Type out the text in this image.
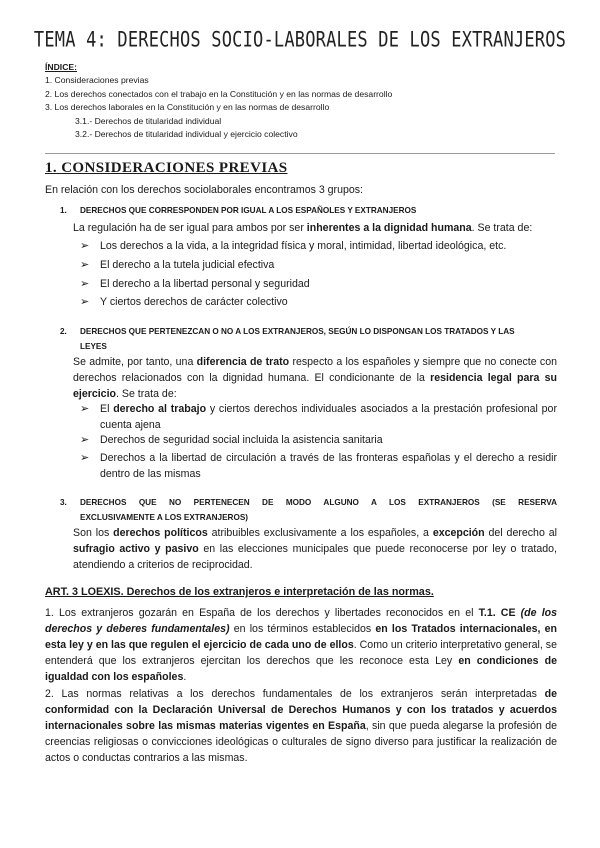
TEMA 4: DERECHOS SOCIO-LABORALES DE LOS EXTRANJEROS
ÍNDICE:
1. Consideraciones previas
2. Los derechos conectados con el trabajo en la Constitución y en las normas de desarrollo
3. Los derechos laborales en la Constitución y en las normas de desarrollo
3.1.- Derechos de titularidad individual
3.2.- Derechos de titularidad individual y ejercicio colectivo
1. CONSIDERACIONES PREVIAS
En relación con los derechos sociolaborales encontramos 3 grupos:
1. DERECHOS QUE CORRESPONDEN POR IGUAL A LOS ESPAÑOLES Y EXTRANJEROS
La regulación ha de ser igual para ambos por ser inherentes a la dignidad humana. Se trata de:
➢ Los derechos a la vida, a la integridad física y moral, intimidad, libertad ideológica, etc.
➢ El derecho a la tutela judicial efectiva
➢ El derecho a la libertad personal y seguridad
➢ Y ciertos derechos de carácter colectivo
2. DERECHOS QUE PERTENEZCAN O NO A LOS EXTRANJEROS, SEGÚN LO DISPONGAN LOS TRATADOS Y LAS
LEYES
Se admite, por tanto, una diferencia de trato respecto a los españoles y siempre que no conecte con derechos relacionados con la dignidad humana. El condicionante de la residencia legal para su ejercicio. Se trata de:
➢ El derecho al trabajo y ciertos derechos individuales asociados a la prestación profesional por cuenta ajena
➢ Derechos de seguridad social incluida la asistencia sanitaria
➢ Derechos a la libertad de circulación a través de las fronteras españolas y el derecho a residir dentro de las mismas
3. DERECHOS QUE NO PERTENECEN DE MODO ALGUNO A LOS EXTRANJEROS (SE RESERVA
EXCLUSIVAMENTE A LOS EXTRANJEROS)
Son los derechos políticos atribuibles exclusivamente a los españoles, a excepción del derecho al sufragio activo y pasivo en las elecciones municipales que puede reconocerse por ley o tratado, atendiendo a criterios de reciprocidad.
ART. 3 LOEXIS. Derechos de los extranjeros e interpretación de las normas.
1. Los extranjeros gozarán en España de los derechos y libertades reconocidos en el T.1. CE (de los derechos y deberes fundamentales) en los términos establecidos en los Tratados internacionales, en esta ley y en las que regulen el ejercicio de cada uno de ellos. Como un criterio interpretativo general, se entenderá que los extranjeros ejercitan los derechos que les reconoce esta Ley en condiciones de igualdad con los españoles.
2. Las normas relativas a los derechos fundamentales de los extranjeros serán interpretadas de conformidad con la Declaración Universal de Derechos Humanos y con los tratados y acuerdos internacionales sobre las mismas materias vigentes en España, sin que pueda alegarse la profesión de creencias religiosas o convicciones ideológicas o culturales de signo diverso para justificar la realización de actos o conductas contrarios a las mismas.
